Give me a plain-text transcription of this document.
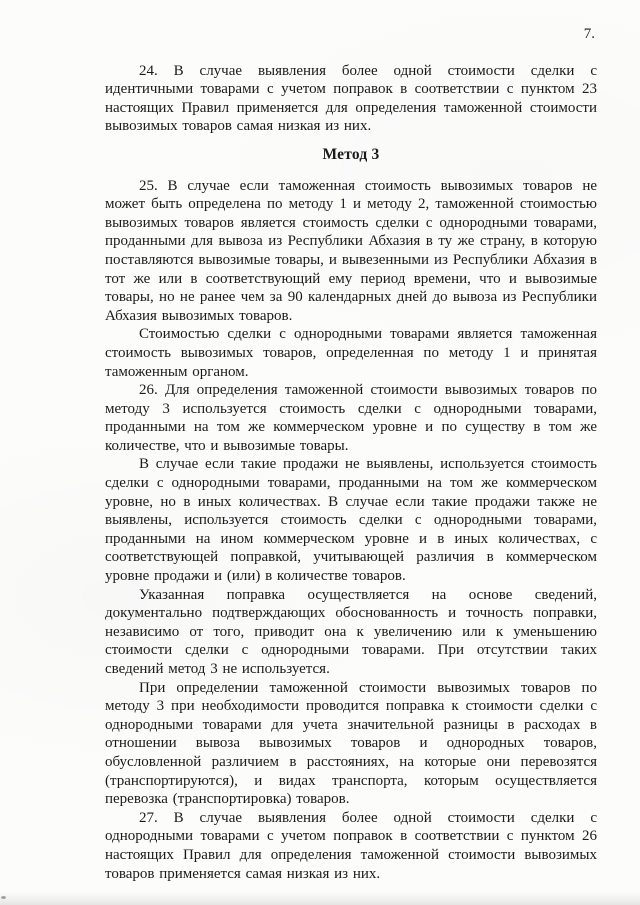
7.

24. В случае выявления более одной стоимости сделки с идентичными товарами с учетом поправок в соответствии с пунктом 23 настоящих Правил применяется для определения таможенной стоимости вывозимых товаров самая низкая из них.

Метод 3

25. В случае если таможенная стоимость вывозимых товаров не может быть определена по методу 1 и методу 2, таможенной стоимостью вывозимых товаров является стоимость сделки с однородными товарами, проданными для вывоза из Республики Абхазия в ту же страну, в которую поставляются вывозимые товары, и вывезенными из Республики Абхазия в тот же или в соответствующий ему период времени, что и вывозимые товары, но не ранее чем за 90 календарных дней до вывоза из Республики Абхазия вывозимых товаров.

Стоимостью сделки с однородными товарами является таможенная стоимость вывозимых товаров, определенная по методу 1 и принятая таможенным органом.

26. Для определения таможенной стоимости вывозимых товаров по методу 3 используется стоимость сделки с однородными товарами, проданными на том же коммерческом уровне и по существу в том же количестве, что и вывозимые товары.

В случае если такие продажи не выявлены, используется стоимость сделки с однородными товарами, проданными на том же коммерческом уровне, но в иных количествах. В случае если такие продажи также не выявлены, используется стоимость сделки с однородными товарами, проданными на ином коммерческом уровне и в иных количествах, с соответствующей поправкой, учитывающей различия в коммерческом уровне продажи и (или) в количестве товаров.

Указанная поправка осуществляется на основе сведений, документально подтверждающих обоснованность и точность поправки, независимо от того, приводит она к увеличению или к уменьшению стоимости сделки с однородными товарами. При отсутствии таких сведений метод 3 не используется.

При определении таможенной стоимости вывозимых товаров по методу 3 при необходимости проводится поправка к стоимости сделки с однородными товарами для учета значительной разницы в расходах в отношении вывоза вывозимых товаров и однородных товаров, обусловленной различием в расстояниях, на которые они перевозятся (транспортируются), и видах транспорта, которым осуществляется перевозка (транспортировка) товаров.

27. В случае выявления более одной стоимости сделки с однородными товарами с учетом поправок в соответствии с пунктом 26 настоящих Правил для определения таможенной стоимости вывозимых товаров применяется самая низкая из них.
